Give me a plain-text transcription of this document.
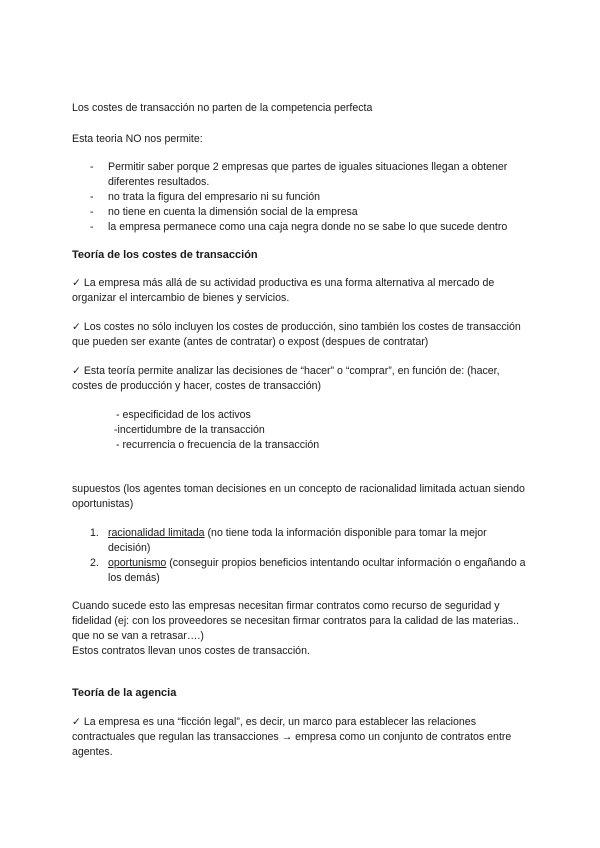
Los costes de transacción no parten de la competencia perfecta

Esta teoria NO nos permite:

- Permitir saber porque 2 empresas que partes de iguales situaciones llegan a obtener diferentes resultados.
- no trata la figura del empresario ni su función
- no tiene en cuenta la dimensión social de la empresa
- la empresa permanece como una caja negra donde no se sabe lo que sucede dentro

Teoría de los costes de transacción

✓ La empresa más allá de su actividad productiva es una forma alternativa al mercado de organizar el intercambio de bienes y servicios.

✓ Los costes no sólo incluyen los costes de producción, sino también los costes de transacción que pueden ser exante (antes de contratar) o expost (despues de contratar)

✓ Esta teoría permite analizar las decisiones de “hacer” o “comprar”, en función de: (hacer, costes de producción y hacer, costes de transacción)

- especificidad de los activos
-incertidumbre de la transacción
- recurrencia o frecuencia de la transacción

supuestos (los agentes toman decisiones en un concepto de racionalidad limitada actuan siendo oportunistas)

1. racionalidad limitada (no tiene toda la información disponible para tomar la mejor decisión)
2. oportunismo (conseguir propios beneficios intentando ocultar información o engañando a los demás)

Cuando sucede esto las empresas necesitan firmar contratos como recurso de seguridad y fidelidad (ej: con los proveedores se necesitan firmar contratos para la calidad de las materias.. que no se van a retrasar….)

Estos contratos llevan unos costes de transacción.

Teoría de la agencia

✓ La empresa es una “ficción legal”, es decir, un marco para establecer las relaciones contractuales que regulan las transacciones → empresa como un conjunto de contratos entre agentes.
